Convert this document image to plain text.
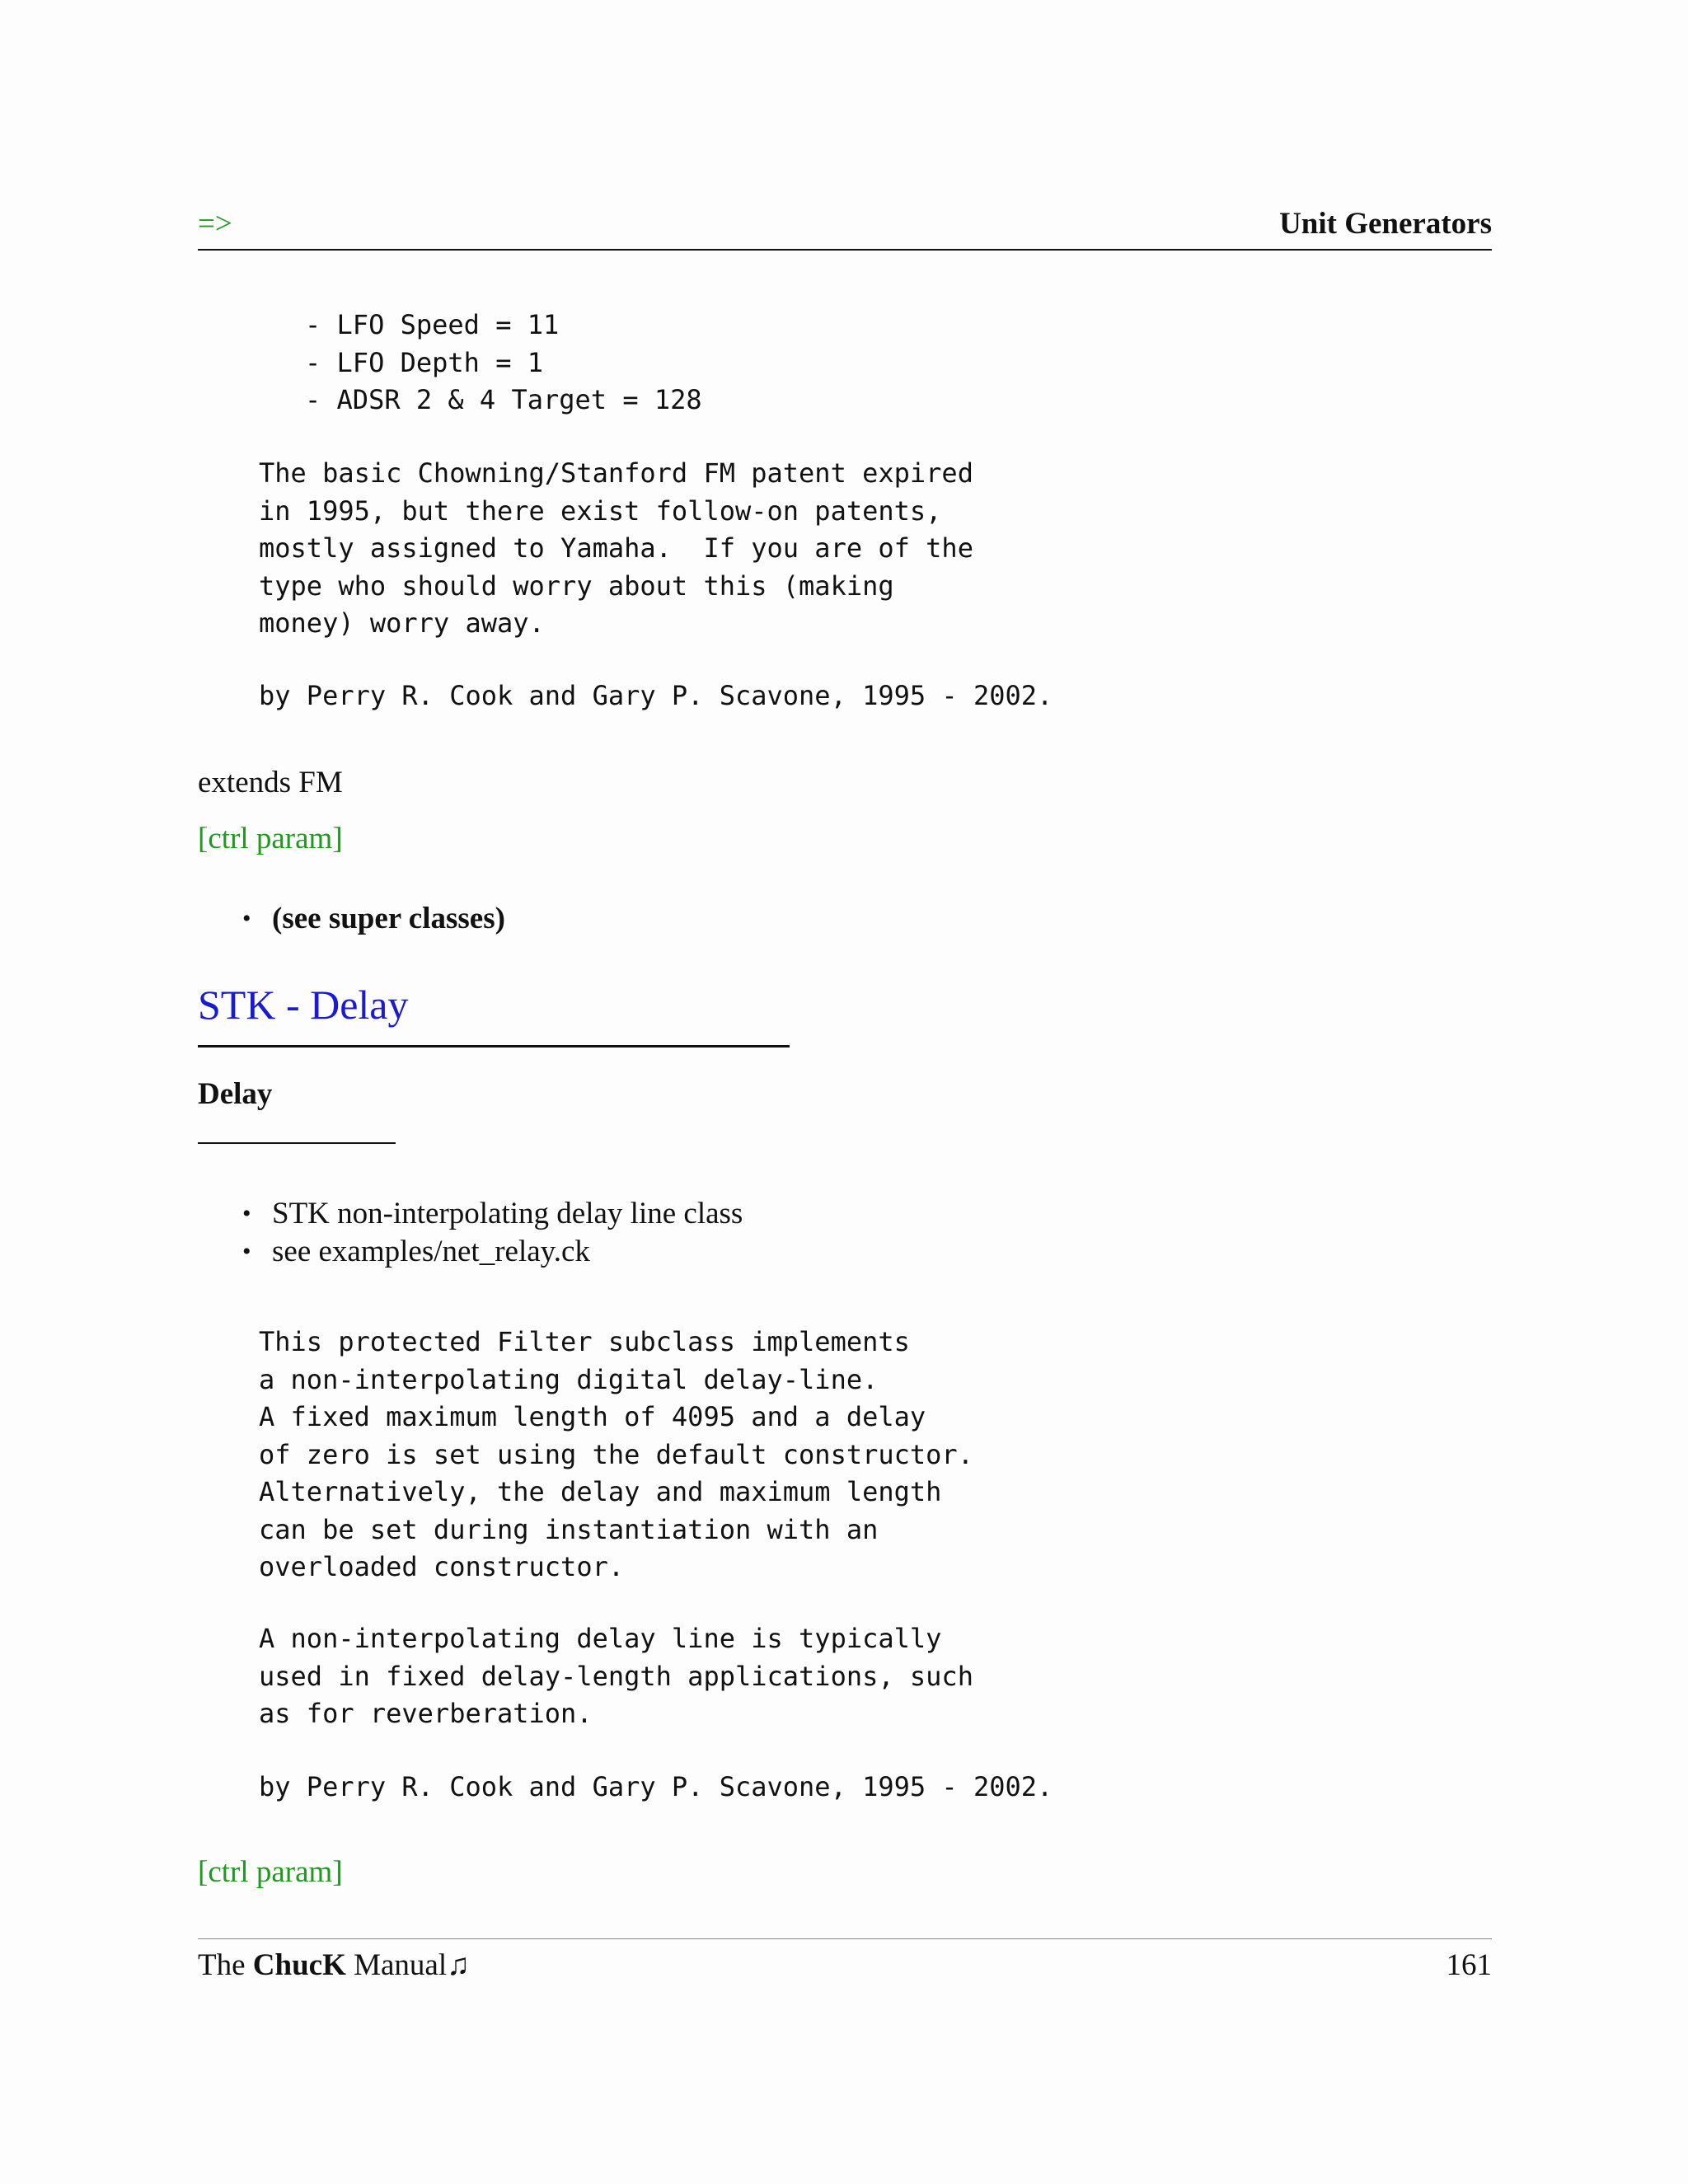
=>	Unit Generators
- LFO Speed = 11
- LFO Depth = 1
- ADSR 2 & 4 Target = 128
The basic Chowning/Stanford FM patent expired
in 1995, but there exist follow-on patents,
mostly assigned to Yamaha.  If you are of the
type who should worry about this (making
money) worry away.
by Perry R. Cook and Gary P. Scavone, 1995 - 2002.
extends FM
[ctrl param]
• (see super classes)
STK - Delay
Delay
• STK non-interpolating delay line class
• see examples/net_relay.ck
This protected Filter subclass implements
a non-interpolating digital delay-line.
A fixed maximum length of 4095 and a delay
of zero is set using the default constructor.
Alternatively, the delay and maximum length
can be set during instantiation with an
overloaded constructor.
A non-interpolating delay line is typically
used in fixed delay-length applications, such
as for reverberation.
by Perry R. Cook and Gary P. Scavone, 1995 - 2002.
[ctrl param]
The ChucK Manual♫	161
